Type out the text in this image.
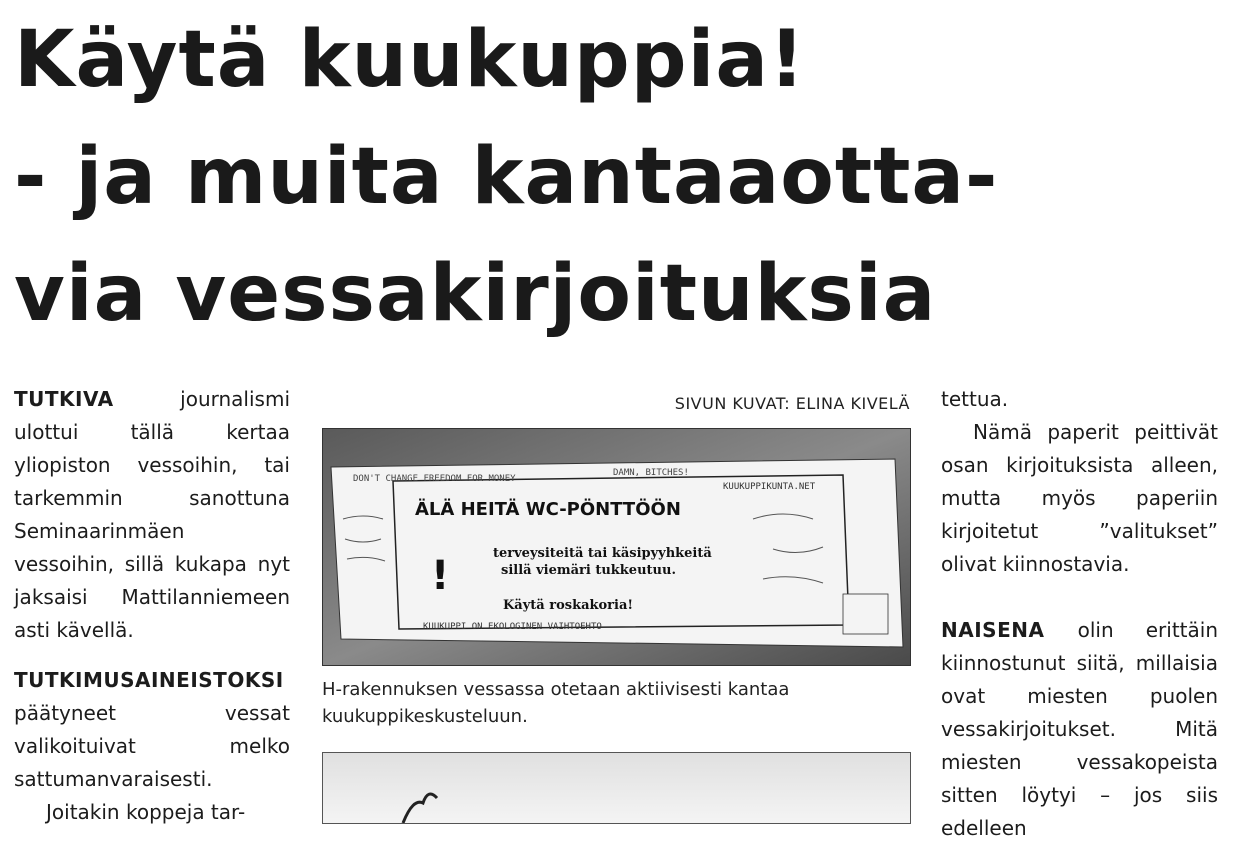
Käytä kuukuppia!
- ja muita kantaaotta-
via vessakirjoituksia

TUTKIVA journalismi ulottui tällä kertaa yliopiston vessoihin, tai tarkemmin sanottuna Seminaarinmäen vessoihin, sillä kukapa nyt jaksaisi Mattilanniemeen asti kävellä.

TUTKIMUSAINEISTOKSI päätyneet vessat valikoituivat melko sattumanvaraisesti.

Joitakin koppeja tar-

SIVUN KUVAT: ELINA KIVELÄ
DON'T CHANGE FREEDOM FOR MONEY
DAMN, BITCHES!
KUUKUPPIKUNTA.NET
ÄLÄ HEITÄ WC-PÖNTTÖÖN
terveysiteitä tai käsipyyhkeitä
sillä viemäri tukkeutuu.
Käytä roskakoria!
!
KUUKUPPI ON EKOLOGINEN VAIHTOEHTO
H-rakennuksen vessassa otetaan aktiivisesti kantaa kuukuppikeskusteluun.

tettua.

Nämä paperit peittivät osan kirjoituksista alleen, mutta myös paperiin kirjoitetut ”valitukset” olivat kiinnostavia.

NAISENA olin erittäin kiinnostunut siitä, millaisia ovat miesten puolen vessakirjoitukset. Mitä miesten vessakopeista sitten löytyi – jos siis edelleen
